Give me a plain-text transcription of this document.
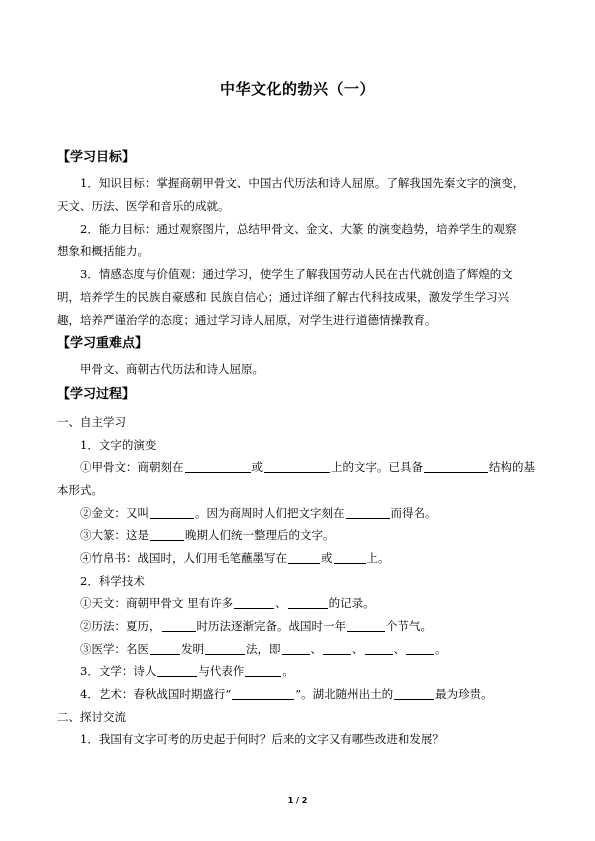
中华文化的勃兴（一）
【学习目标】
1．知识目标：掌握商朝甲骨文、中国古代历法和诗人屈原。了解我国先秦文字的演变，
天文、历法、医学和音乐的成就。
2．能力目标：通过观察图片，总结甲骨文、金文、大篆 的演变趋势，培养学生的观察
想象和概括能力。
3．情感态度与价值观：通过学习，使学生了解我国劳动人民在古代就创造了辉煌的文
明，培养学生的民族自豪感和 民族自信心；通过详细了解古代科技成果，激发学生学习兴
趣，培养严谨治学的态度；通过学习诗人屈原，对学生进行道德情操教育。
【学习重难点】
甲骨文、商朝古代历法和诗人屈原。
【学习过程】
一、自主学习
1．文字的演变
①甲骨文：商朝刻在	或	上的文字。已具备	结构的基
本形式。
②金文：又叫	。因为商周时人们把文字刻在	而得名。
③大篆：这是	晚期人们统一整理后的文字。
④竹帛书：战国时，人们用毛笔蘸墨写在	或	上。
2．科学技术
①天文：商朝甲骨文 里有许多	、	的记录。
②历法：夏历，	时历法逐渐完备。战国时一年	个节气。
③医学：名医	发明	法，即	、	、	、	。
3．文学：诗人	与代表作	。
4．艺术：春秋战国时期盛行“	”。湖北随州出土的	最为珍贵。
二、探讨交流
1．我国有文字可考的历史起于何时？后来的文字又有哪些改进和发展？
1 / 2
